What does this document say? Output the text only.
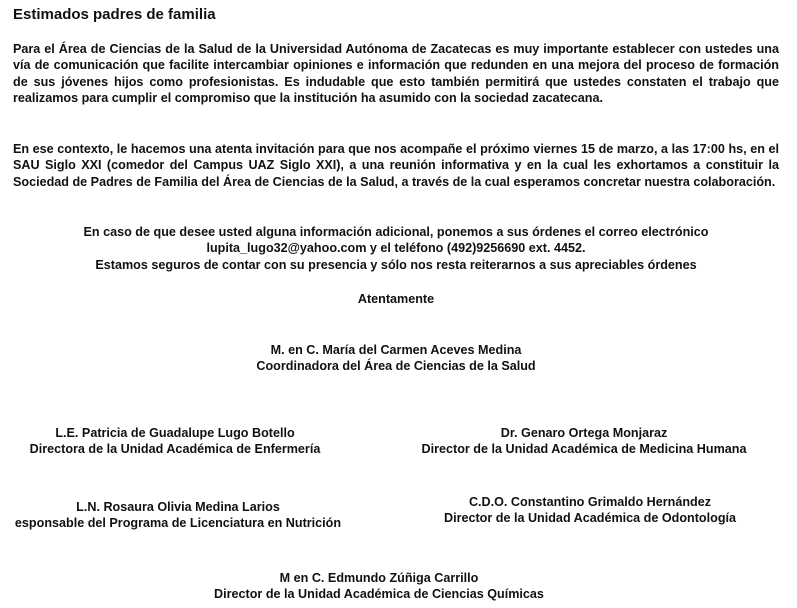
Estimados padres de familia

Para el Área de Ciencias de la Salud de la Universidad Autónoma de Zacatecas es muy importante establecer con ustedes una vía de comunicación que facilite intercambiar opiniones e información que redunden en una mejora del proceso de formación de sus jóvenes hijos como profesionistas. Es indudable que esto también permitirá que ustedes constaten el trabajo que realizamos para cumplir el compromiso que la institución ha asumido con la sociedad zacatecana.

En ese contexto, le hacemos una atenta invitación para que nos acompañe el próximo viernes 15 de marzo, a las 17:00 hs, en el SAU Siglo XXI (comedor del Campus UAZ Siglo XXI), a una reunión informativa y en la cual les exhortamos a constituir la Sociedad de Padres de Familia del Área de Ciencias de la Salud, a través de la cual esperamos concretar nuestra colaboración.

En caso de que desee usted alguna información adicional, ponemos a sus órdenes el correo electrónico
lupita_lugo32@yahoo.com y el teléfono (492)9256690 ext. 4452.
Estamos seguros de contar con su presencia y sólo nos resta reiterarnos a sus apreciables órdenes
Atentamente
M. en C. María del Carmen Aceves Medina
Coordinadora del Área de Ciencias de la Salud
L.E. Patricia de Guadalupe Lugo Botello
Directora de la Unidad Académica de Enfermería
Dr. Genaro Ortega Monjaraz
Director de la Unidad Académica de Medicina Humana
L.N. Rosaura Olivia Medina Larios
esponsable del Programa de Licenciatura en Nutrición
C.D.O. Constantino Grimaldo Hernández
Director de la Unidad Académica de Odontología
M en C. Edmundo Zúñiga Carrillo
Director de la Unidad Académica de Ciencias Químicas
